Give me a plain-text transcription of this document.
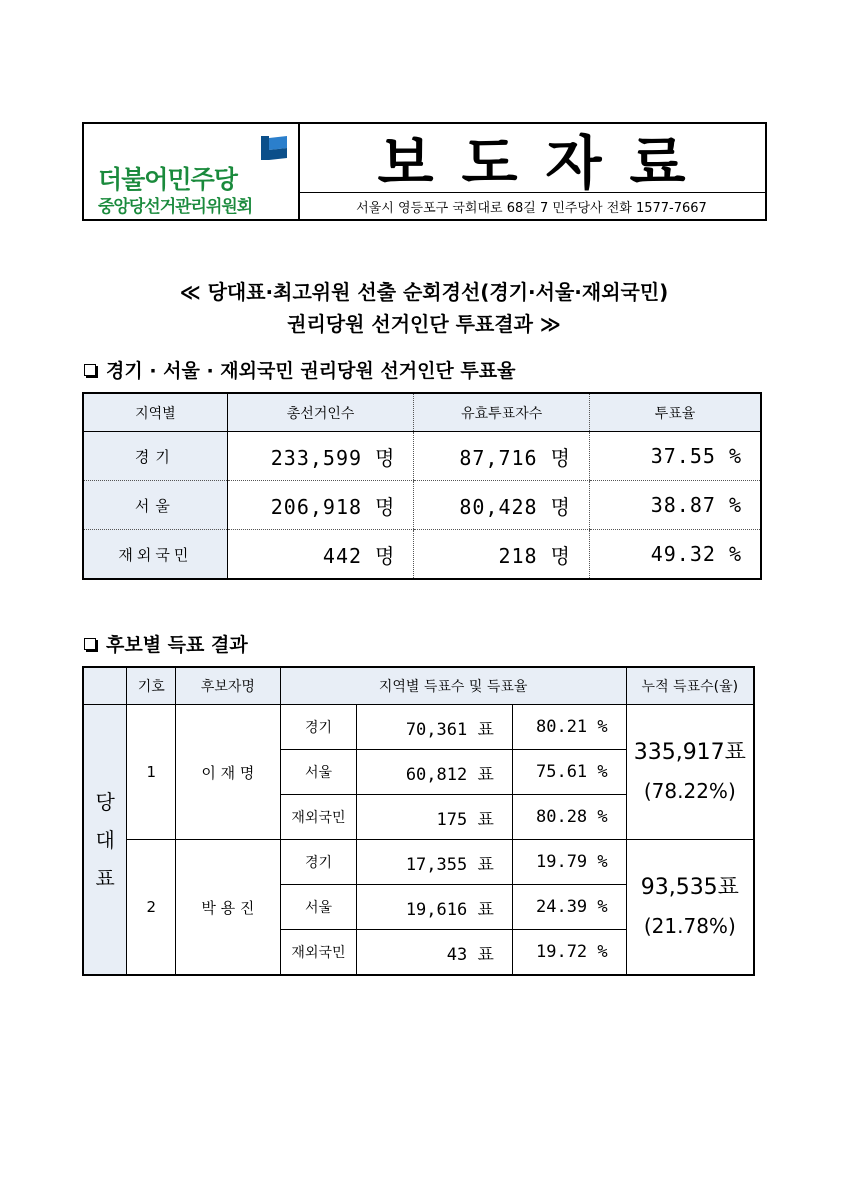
더불어민주당
중앙당선거관리위원회
보도자료
서울시 영등포구 국회대로 68길 7 민주당사 전화 1577-7667
≪ 당대표·최고위원 선출 순회경선(경기·서울·재외국민)
권리당원 선거인단 투표결과 ≫
경기 · 서울 · 재외국민 권리당원 선거인단 투표율
지역별	총선거인수	유효투표자수	투표율
경기	233,599 명	87,716 명	37.55 %
서울	206,918 명	80,428 명	38.87 %
재외국민	442 명	218 명	49.32 %
후보별 득표 결과
	기호	후보자명	지역별 득표수 및 득표율			누적 득표수(율)
당
대
표	1	이 재 명	경기	70,361 표	80.21 %	335,917표
(78.22%)
			서울	60,812 표	75.61 %	
			재외국민	175 표	80.28 %	
	2	박 용 진	경기	17,355 표	19.79 %	93,535표
(21.78%)
			서울	19,616 표	24.39 %	
			재외국민	43 표	19.72 %	
